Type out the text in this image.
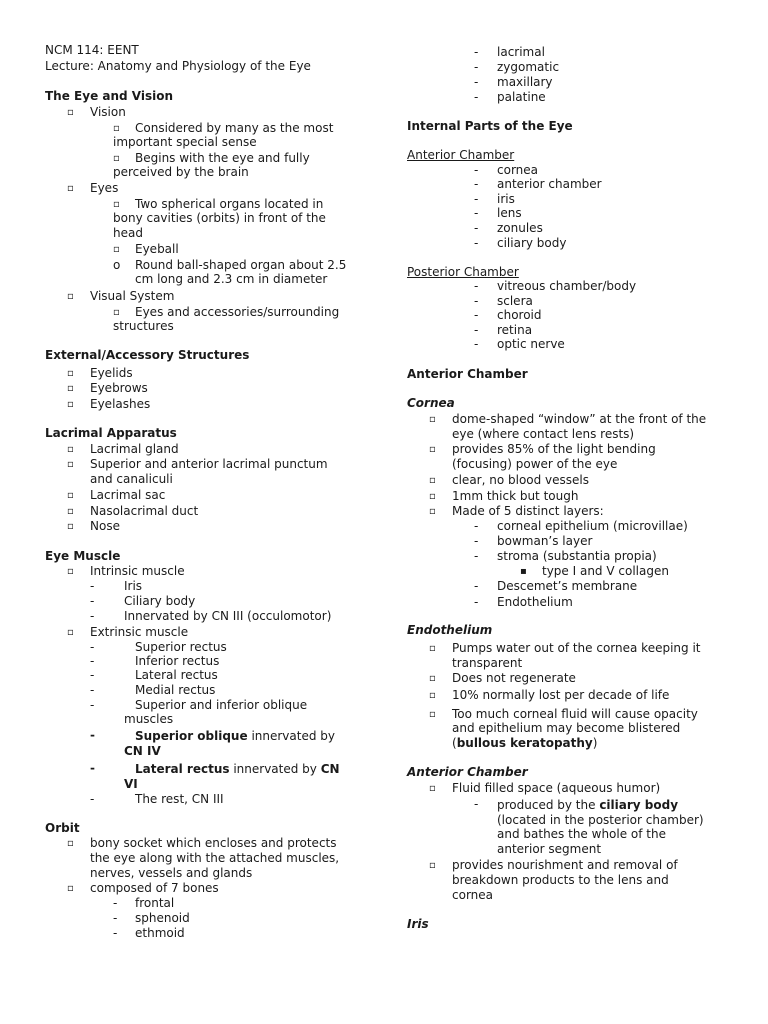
NCM 114: EENT
Lecture: Anatomy and Physiology of the Eye
The Eye and Vision
▫ Vision
▫ Considered by many as the most
important special sense
▫ Begins with the eye and fully
perceived by the brain
▫ Eyes
▫ Two spherical organs located in
bony cavities (orbits) in front of the
head
▫ Eyeball
o Round ball-shaped organ about 2.5
cm long and 2.3 cm in diameter
▫ Visual System
▫ Eyes and accessories/surrounding
structures
External/Accessory Structures
▫ Eyelids
▫ Eyebrows
▫ Eyelashes
Lacrimal Apparatus
▫ Lacrimal gland
▫ Superior and anterior lacrimal punctum
and canaliculi
▫ Lacrimal sac
▫ Nasolacrimal duct
▫ Nose
Eye Muscle
▫ Intrinsic muscle
- Iris
- Ciliary body
- Innervated by CN III (occulomotor)
▫ Extrinsic muscle
-	Superior rectus
-	Inferior rectus
-	Lateral rectus
-	Medial rectus
-	Superior and inferior oblique
muscles
-	Superior oblique innervated by
CN IV
-	Lateral rectus innervated by CN
VI
-	The rest, CN III
Orbit
▫ bony socket which encloses and protects
the eye along with the attached muscles,
nerves, vessels and glands
▫ composed of 7 bones
- frontal
- sphenoid
- ethmoid
- lacrimal
- zygomatic
- maxillary
- palatine
Internal Parts of the Eye
Anterior Chamber
- cornea
- anterior chamber
- iris
- lens
- zonules
- ciliary body
Posterior Chamber
- vitreous chamber/body
- sclera
- choroid
- retina
- optic nerve
Anterior Chamber
Cornea
▫ dome-shaped “window” at the front of the
eye (where contact lens rests)
▫ provides 85% of the light bending
(focusing) power of the eye
▫ clear, no blood vessels
▫ 1mm thick but tough
▫ Made of 5 distinct layers:
- corneal epithelium (microvillae)
- bowman’s layer
- stroma (substantia propia)
▪ type I and V collagen
- Descemet’s membrane
- Endothelium
Endothelium
▫ Pumps water out of the cornea keeping it
transparent
▫ Does not regenerate
▫ 10% normally lost per decade of life
▫ Too much corneal fluid will cause opacity
and epithelium may become blistered
(bullous keratopathy)
Anterior Chamber
▫ Fluid filled space (aqueous humor)
- produced by the ciliary body
(located in the posterior chamber)
and bathes the whole of the
anterior segment
▫ provides nourishment and removal of
breakdown products to the lens and
cornea
Iris
